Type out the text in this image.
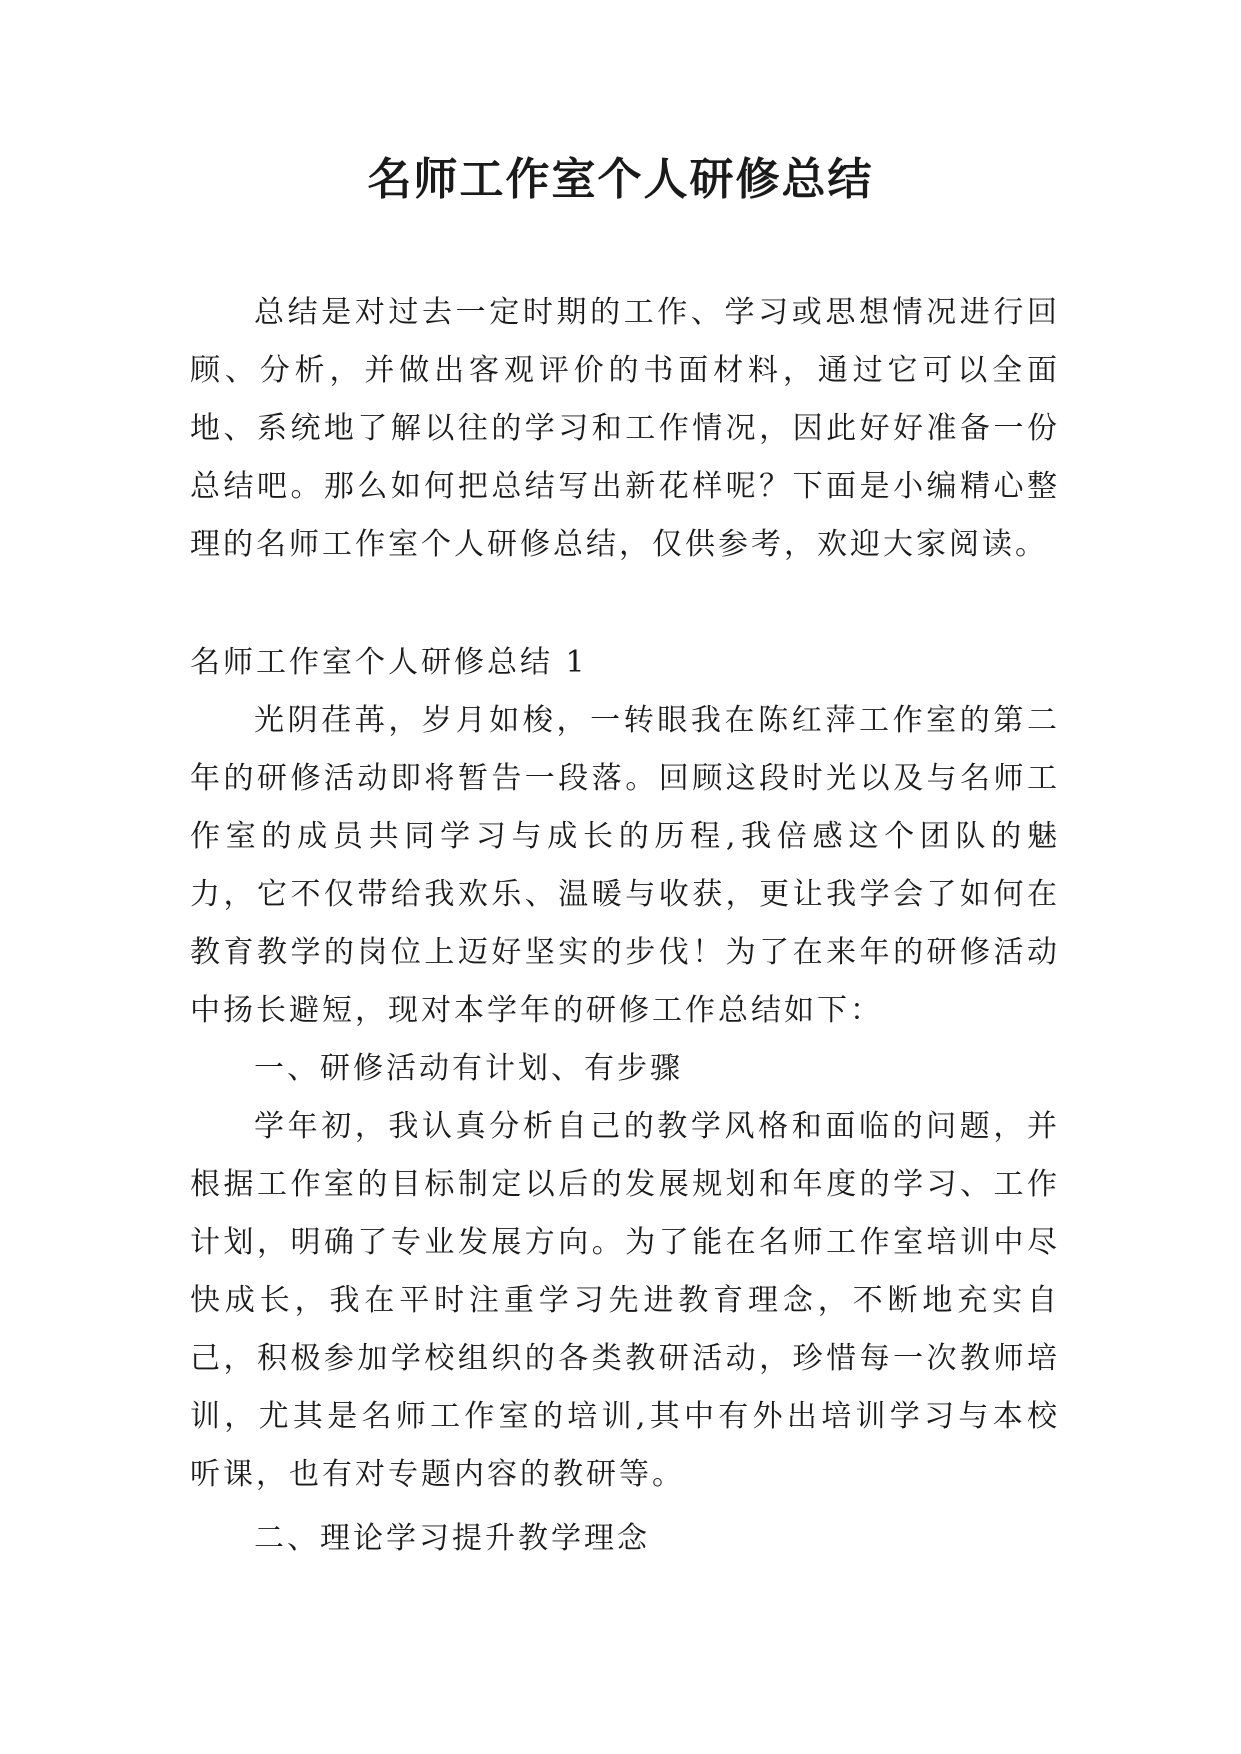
名师工作室个人研修总结

总结是对过去一定时期的工作、学习或思想情况进行回顾、分析，并做出客观评价的书面材料，通过它可以全面地、系统地了解以往的学习和工作情况，因此好好准备一份总结吧。那么如何把总结写出新花样呢？下面是小编精心整理的名师工作室个人研修总结，仅供参考，欢迎大家阅读。

名师工作室个人研修总结 1

光阴荏苒，岁月如梭，一转眼我在陈红萍工作室的第二年的研修活动即将暂告一段落。回顾这段时光以及与名师工作室的成员共同学习与成长的历程,我倍感这个团队的魅力，它不仅带给我欢乐、温暖与收获，更让我学会了如何在教育教学的岗位上迈好坚实的步伐！为了在来年的研修活动中扬长避短，现对本学年的研修工作总结如下：

一、研修活动有计划、有步骤

学年初，我认真分析自己的教学风格和面临的问题，并根据工作室的目标制定以后的发展规划和年度的学习、工作计划，明确了专业发展方向。为了能在名师工作室培训中尽快成长，我在平时注重学习先进教育理念，不断地充实自己，积极参加学校组织的各类教研活动，珍惜每一次教师培训，尤其是名师工作室的培训,其中有外出培训学习与本校听课，也有对专题内容的教研等。

二、理论学习提升教学理念
